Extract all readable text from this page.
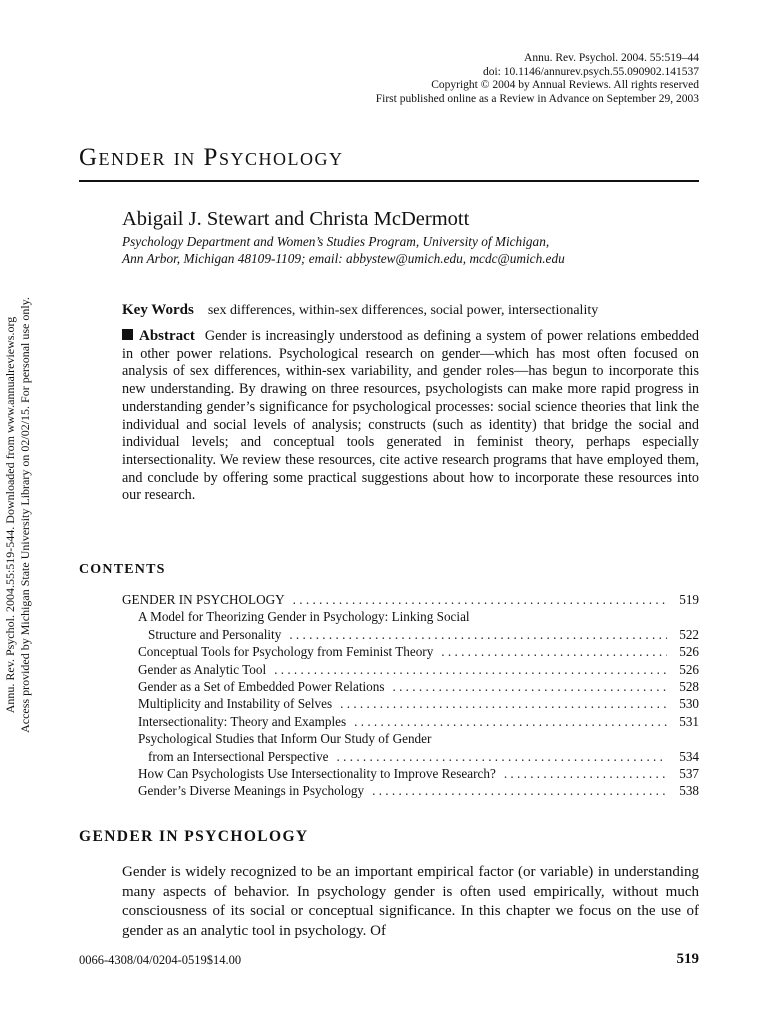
Annu. Rev. Psychol. 2004. 55:519–44
doi: 10.1146/annurev.psych.55.090902.141537
Copyright © 2004 by Annual Reviews. All rights reserved
First published online as a Review in Advance on September 29, 2003
Gender in Psychology
Abigail J. Stewart and Christa McDermott
Psychology Department and Women’s Studies Program, University of Michigan,
Ann Arbor, Michigan 48109-1109; email: abbystew@umich.edu, mcdc@umich.edu
Key Words sex differences, within-sex differences, social power, intersectionality
Abstract Gender is increasingly understood as defining a system of power relations embedded in other power relations. Psychological research on gender—which has most often focused on analysis of sex differences, within-sex variability, and gender roles—has begun to incorporate this new understanding. By drawing on three resources, psychologists can make more rapid progress in understanding gender’s significance for psychological processes: social science theories that link the individual and social levels of analysis; constructs (such as identity) that bridge the social and individual levels; and conceptual tools generated in feminist theory, perhaps especially intersectionality. We review these resources, cite active research programs that have employed them, and conclude by offering some practical suggestions about how to incorporate these resources into our research.
CONTENTS
GENDER IN PSYCHOLOGY . . .	519
A Model for Theorizing Gender in Psychology: Linking Social
Structure and Personality . . .	522
Conceptual Tools for Psychology from Feminist Theory . . .	526
Gender as Analytic Tool . . .	526
Gender as a Set of Embedded Power Relations . . .	528
Multiplicity and Instability of Selves . . .	530
Intersectionality: Theory and Examples . . .	531
Psychological Studies that Inform Our Study of Gender
from an Intersectional Perspective . . .	534
How Can Psychologists Use Intersectionality to Improve Research? . . .	537
Gender’s Diverse Meanings in Psychology . . .	538
GENDER IN PSYCHOLOGY
Gender is widely recognized to be an important empirical factor (or variable) in understanding many aspects of behavior. In psychology gender is often used empirically, without much consciousness of its social or conceptual significance. In this chapter we focus on the use of gender as an analytic tool in psychology. Of
0066-4308/04/0204-0519$14.00	519
Annu. Rev. Psychol. 2004.55:519-544. Downloaded from www.annualreviews.org Access provided by Michigan State University Library on 02/02/15. For personal use only.
